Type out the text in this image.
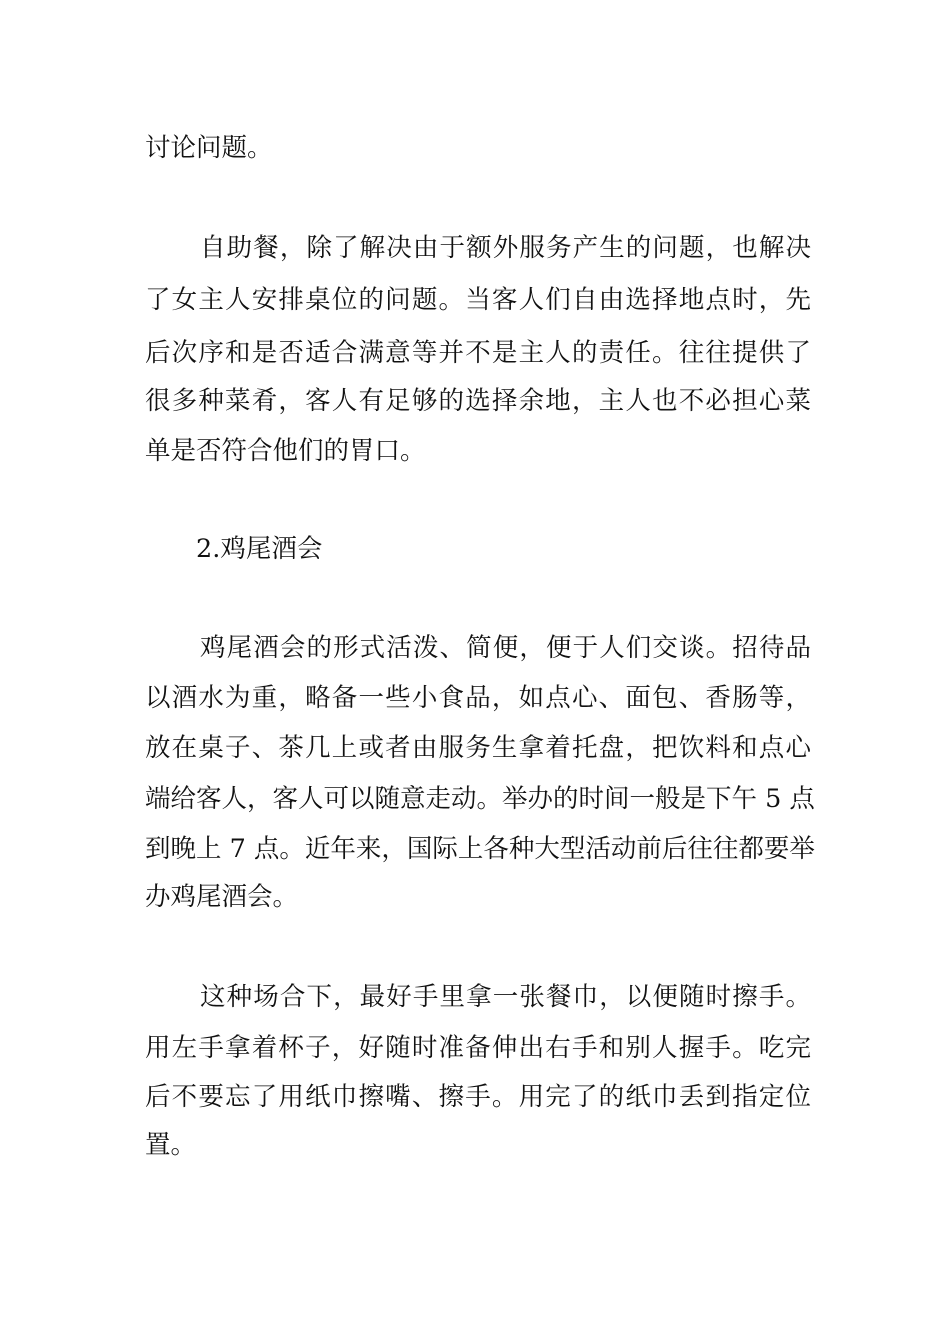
讨论问题。

自助餐，除了解决由于额外服务产生的问题，也解决

了女主人安排桌位的问题。当客人们自由选择地点时，先

后次序和是否适合满意等并不是主人的责任。往往提供了

很多种菜肴，客人有足够的选择余地，主人也不必担心菜

单是否符合他们的胃口。

2.鸡尾酒会

鸡尾酒会的形式活泼、简便，便于人们交谈。招待品

以酒水为重，略备一些小食品，如点心、面包、香肠等，

放在桌子、茶几上或者由服务生拿着托盘，把饮料和点心

端给客人，客人可以随意走动。举办的时间一般是下午 5 点

到晚上 7 点。近年来，国际上各种大型活动前后往往都要举

办鸡尾酒会。

这种场合下，最好手里拿一张餐巾，以便随时擦手。

用左手拿着杯子，好随时准备伸出右手和别人握手。吃完

后不要忘了用纸巾擦嘴、擦手。用完了的纸巾丢到指定位

置。
